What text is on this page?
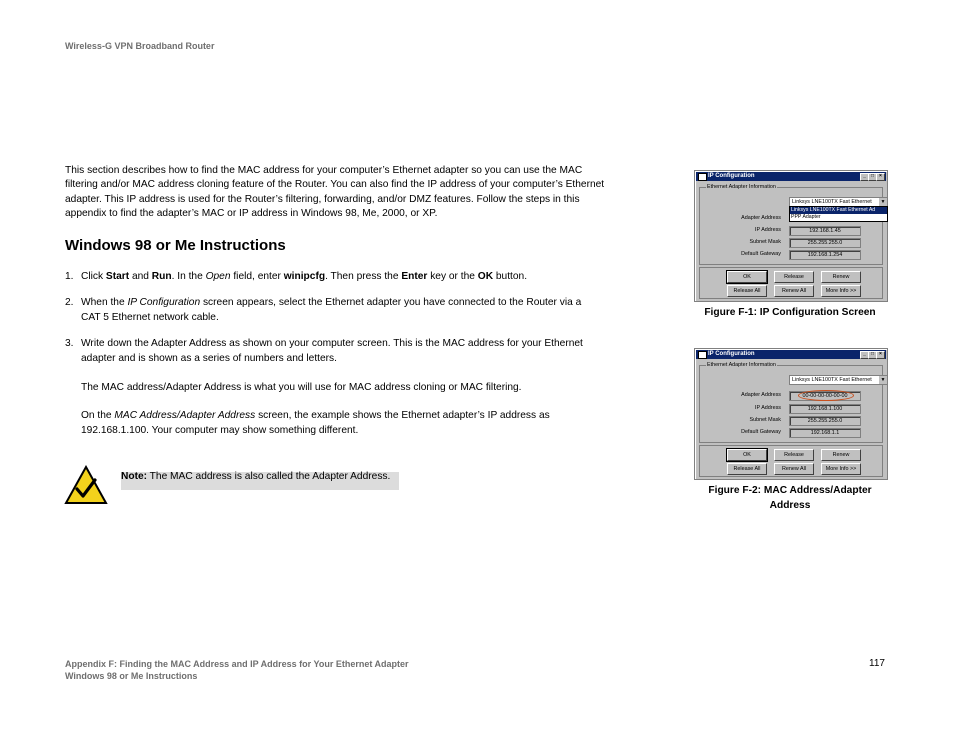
Wireless-G VPN Broadband Router
This section describes how to find the MAC address for your computer’s Ethernet adapter so you can use the MAC filtering and/or MAC address cloning feature of the Router. You can also find the IP address of your computer’s Ethernet adapter. This IP address is used for the Router’s filtering, forwarding, and/or DMZ features. Follow the steps in this appendix to find the adapter’s MAC or IP address in Windows 98, Me, 2000, or XP.
Windows 98 or Me Instructions
1. Click Start and Run. In the Open field, enter winipcfg. Then press the Enter key or the OK button.
2. When the IP Configuration screen appears, select the Ethernet adapter you have connected to the Router via a CAT 5 Ethernet network cable.
3. Write down the Adapter Address as shown on your computer screen. This is the MAC address for your Ethernet adapter and is shown as a series of numbers and letters.
The MAC address/Adapter Address is what you will use for MAC address cloning or MAC filtering.
On the MAC Address/Adapter Address screen, the example shows the Ethernet adapter’s IP address as 192.168.1.100. Your computer may show something different.
Note: The MAC address is also called the Adapter Address.
IP Configuration	_	□	×
Ethernet Adapter Information
Linksys LNE100TX Fast Ethernet	▼
Linksys LNE100TX Fast Ethernet Ad
PPP Adapter
Adapter Address
IP Address	192.168.1.45
Subnet Mask	255.255.255.0
Default Gateway	192.168.1.254
OK	Release	Renew
Release All	Renew All	More Info >>
Figure F-1: IP Configuration Screen
IP Configuration	_	□	×
Ethernet Adapter Information
Linksys LNE100TX Fast Ethernet	▼
Adapter Address	00-00-00-00-00-00
IP Address	192.168.1.100
Subnet Mask	255.255.255.0
Default Gateway	192.168.1.1
OK	Release	Renew
Release All	Renew All	More Info >>
Figure F-2: MAC Address/Adapter
Address
Appendix F: Finding the MAC Address and IP Address for Your Ethernet Adapter
Windows 98 or Me Instructions
117
